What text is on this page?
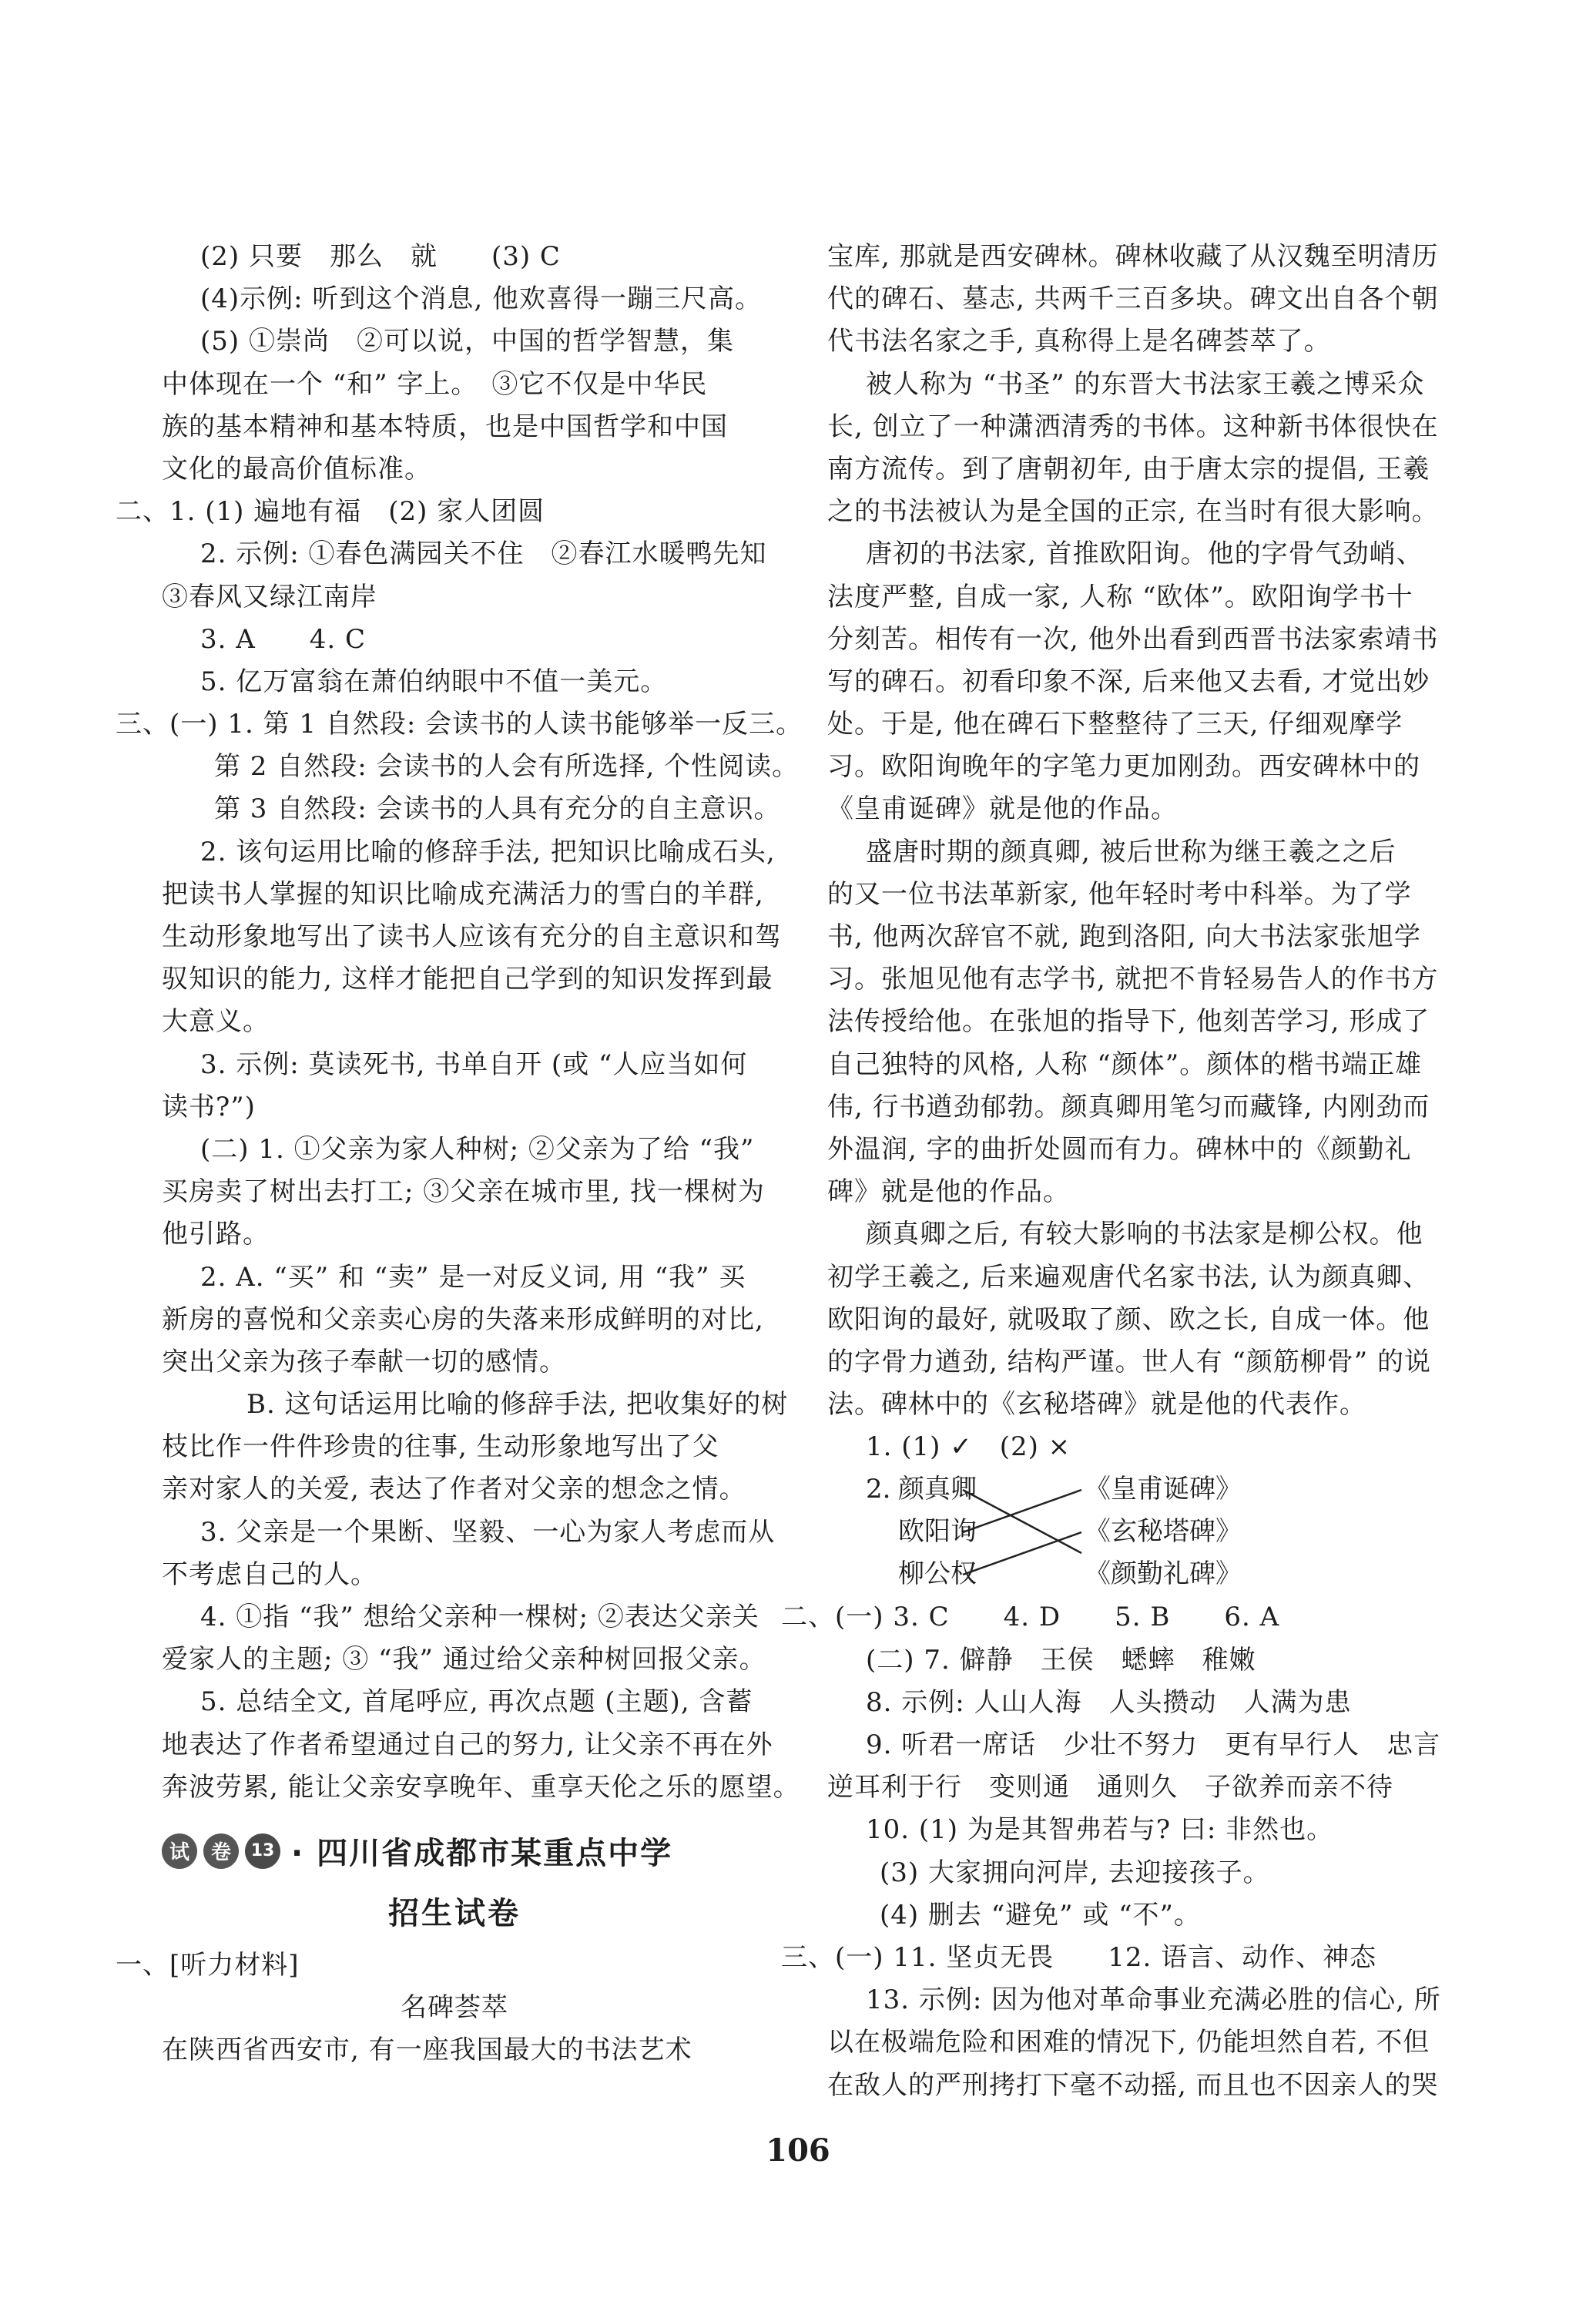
(2) 只要　那么　就　　(3) C
(4)示例: 听到这个消息, 他欢喜得一蹦三尺高。
(5) ①崇尚　②可以说，中国的哲学智慧，集
中体现在一个 “和” 字上。　③它不仅是中华民
族的基本精神和基本特质，也是中国哲学和中国
文化的最高价值标准。
二、1. (1) 遍地有福　(2) 家人团圆
2. 示例: ①春色满园关不住　②春江水暖鸭先知
③春风又绿江南岸
3. A　　4. C
5. 亿万富翁在萧伯纳眼中不值一美元。
三、(一) 1. 第 1 自然段: 会读书的人读书能够举一反三。
第 2 自然段: 会读书的人会有所选择, 个性阅读。
第 3 自然段: 会读书的人具有充分的自主意识。
2. 该句运用比喻的修辞手法, 把知识比喻成石头,
把读书人掌握的知识比喻成充满活力的雪白的羊群,
生动形象地写出了读书人应该有充分的自主意识和驾
驭知识的能力, 这样才能把自己学到的知识发挥到最
大意义。
3. 示例: 莫读死书, 书单自开 (或 “人应当如何
读书?”)
(二) 1. ①父亲为家人种树; ②父亲为了给 “我”
买房卖了树出去打工; ③父亲在城市里, 找一棵树为
他引路。
2. A. “买” 和 “卖” 是一对反义词, 用 “我” 买
新房的喜悦和父亲卖心房的失落来形成鲜明的对比,
突出父亲为孩子奉献一切的感情。
B. 这句话运用比喻的修辞手法, 把收集好的树
枝比作一件件珍贵的往事, 生动形象地写出了父
亲对家人的关爱, 表达了作者对父亲的想念之情。
3. 父亲是一个果断、坚毅、一心为家人考虑而从
不考虑自己的人。
4. ①指 “我” 想给父亲种一棵树; ②表达父亲关
爱家人的主题; ③ “我” 通过给父亲种树回报父亲。
5. 总结全文, 首尾呼应, 再次点题 (主题), 含蓄
地表达了作者希望通过自己的努力, 让父亲不再在外
奔波劳累, 能让父亲安享晚年、重享天伦之乐的愿望。
试	卷	13 · 四川省成都市某重点中学
招生试卷
一、[听力材料]
名碑荟萃
在陕西省西安市, 有一座我国最大的书法艺术
宝库, 那就是西安碑林。碑林收藏了从汉魏至明清历
代的碑石、墓志, 共两千三百多块。碑文出自各个朝
代书法名家之手, 真称得上是名碑荟萃了。
被人称为 “书圣” 的东晋大书法家王羲之博采众
长, 创立了一种潇洒清秀的书体。这种新书体很快在
南方流传。到了唐朝初年, 由于唐太宗的提倡, 王羲
之的书法被认为是全国的正宗, 在当时有很大影响。
唐初的书法家, 首推欧阳询。他的字骨气劲峭、
法度严整, 自成一家, 人称 “欧体”。欧阳询学书十
分刻苦。相传有一次, 他外出看到西晋书法家索靖书
写的碑石。初看印象不深, 后来他又去看, 才觉出妙
处。于是, 他在碑石下整整待了三天, 仔细观摩学
习。欧阳询晚年的字笔力更加刚劲。西安碑林中的
《皇甫诞碑》就是他的作品。
盛唐时期的颜真卿, 被后世称为继王羲之之后
的又一位书法革新家, 他年轻时考中科举。为了学
书, 他两次辞官不就, 跑到洛阳, 向大书法家张旭学
习。张旭见他有志学书, 就把不肯轻易告人的作书方
法传授给他。在张旭的指导下, 他刻苦学习, 形成了
自己独特的风格, 人称 “颜体”。颜体的楷书端正雄
伟, 行书遒劲郁勃。颜真卿用笔匀而藏锋, 内刚劲而
外温润, 字的曲折处圆而有力。碑林中的《颜勤礼
碑》就是他的作品。
颜真卿之后, 有较大影响的书法家是柳公权。他
初学王羲之, 后来遍观唐代名家书法, 认为颜真卿、
欧阳询的最好, 就吸取了颜、欧之长, 自成一体。他
的字骨力遒劲, 结构严谨。世人有 “颜筋柳骨” 的说
法。碑林中的《玄秘塔碑》就是他的代表作。
1. (1) ✓　(2) ×
2. 颜真卿
欧阳询
柳公权
《皇甫诞碑》
《玄秘塔碑》
《颜勤礼碑》
二、(一) 3. C　　4. D　　5. B　　6. A
(二) 7. 僻静　王侯　蟋蟀　稚嫩
8. 示例: 人山人海　人头攒动　人满为患
9. 听君一席话　少壮不努力　更有早行人　忠言
逆耳利于行　变则通　通则久　子欲养而亲不待
10. (1) 为是其智弗若与? 曰: 非然也。
(3) 大家拥向河岸, 去迎接孩子。
(4) 删去 “避免” 或 “不”。
三、(一) 11. 坚贞无畏　　12. 语言、动作、神态
13. 示例: 因为他对革命事业充满必胜的信心, 所
以在极端危险和困难的情况下, 仍能坦然自若, 不但
在敌人的严刑拷打下毫不动摇, 而且也不因亲人的哭
106
